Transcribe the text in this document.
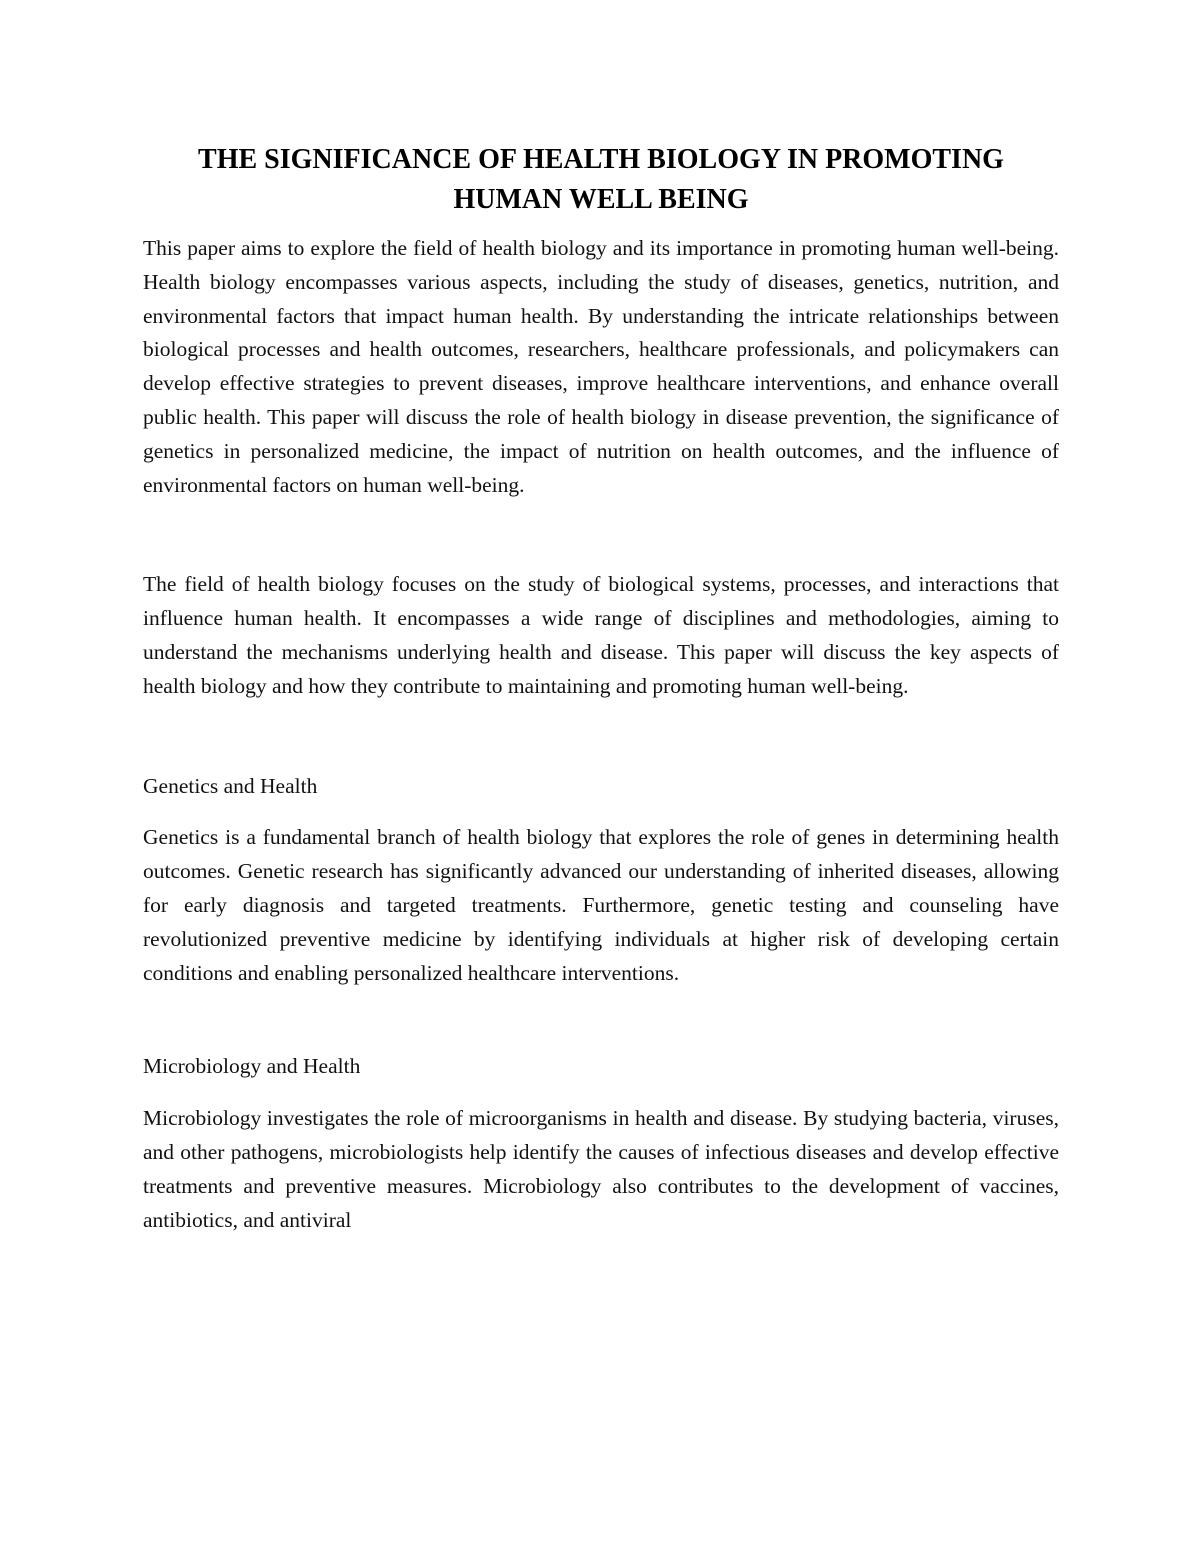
THE SIGNIFICANCE OF HEALTH BIOLOGY IN PROMOTING HUMAN WELL BEING

This paper aims to explore the field of health biology and its importance in promoting human well-being. Health biology encompasses various aspects, including the study of diseases, genetics, nutrition, and environmental factors that impact human health. By understanding the intricate relationships between biological processes and health outcomes, researchers, healthcare professionals, and policymakers can develop effective strategies to prevent diseases, improve healthcare interventions, and enhance overall public health. This paper will discuss the role of health biology in disease prevention, the significance of genetics in personalized medicine, the impact of nutrition on health outcomes, and the influence of environmental factors on human well-being.

The field of health biology focuses on the study of biological systems, processes, and interactions that influence human health. It encompasses a wide range of disciplines and methodologies, aiming to understand the mechanisms underlying health and disease. This paper will discuss the key aspects of health biology and how they contribute to maintaining and promoting human well-being.

Genetics and Health

Genetics is a fundamental branch of health biology that explores the role of genes in determining health outcomes. Genetic research has significantly advanced our understanding of inherited diseases, allowing for early diagnosis and targeted treatments. Furthermore, genetic testing and counseling have revolutionized preventive medicine by identifying individuals at higher risk of developing certain conditions and enabling personalized healthcare interventions.

Microbiology and Health

Microbiology investigates the role of microorganisms in health and disease. By studying bacteria, viruses, and other pathogens, microbiologists help identify the causes of infectious diseases and develop effective treatments and preventive measures. Microbiology also contributes to the development of vaccines, antibiotics, and antiviral
